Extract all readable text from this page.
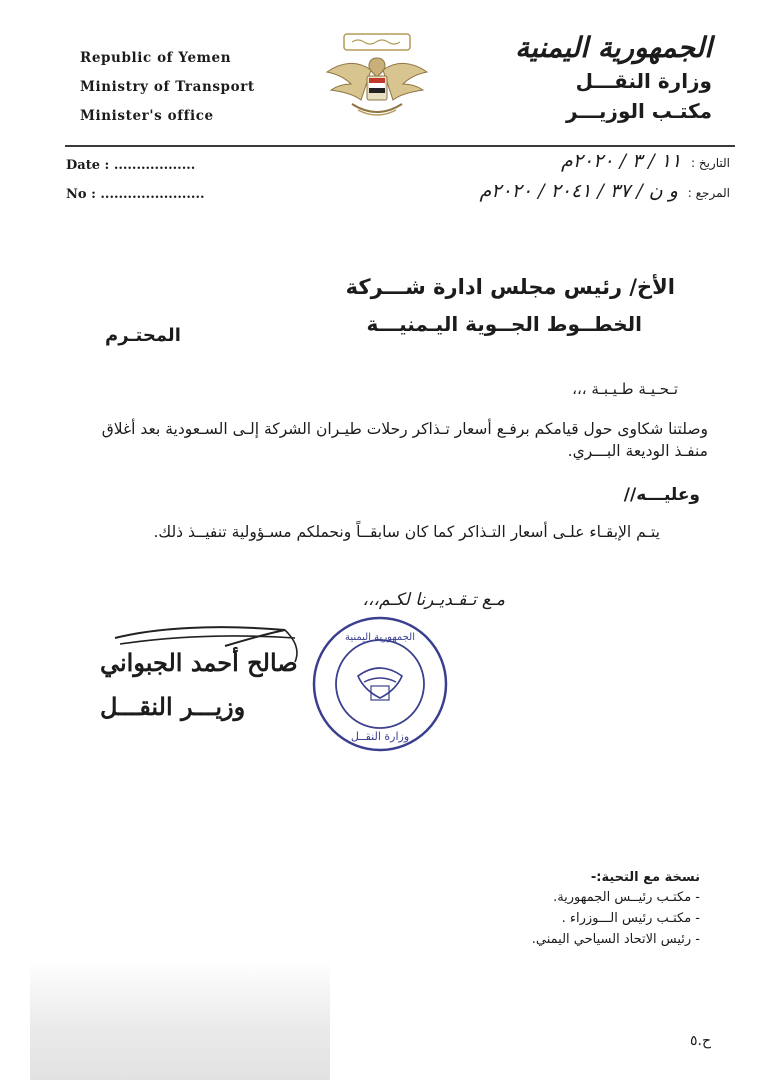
Republic of Yemen
Ministry of Transport
Minister's office
الجمهورية اليمنية
وزارة النقـــل
مكتـب الوزيـــر
Date : ..................
No : .......................
التاريخ : ١١ / ٣ / ٢٠٢٠م
المرجع : و ن / ٣٧ / ٢٠٤١ / ٢٠٢٠م
الأخ/ رئيس مجلس ادارة شـــركة
الخطــوط الجــوية اليـمنيـــة
المحتـرم
تـحـيـة طـيـبـة ،،،
وصلتنا شكاوى حول قيامكم برفـع أسعار تـذاكر رحلات طيـران الشركة إلـى السـعودية بعد أغلاق منفـذ الوديعة البـــري.
وعليـــه//
يتـم الإبقـاء علـى أسعار التـذاكر كما كان سابقــاً ونحملكم مسـؤولية تنفيــذ ذلك.
مـع تـقـديـرنا لكـم،،،
صالح أحمد الجبواني
وزيـــر النقـــل
الجمهورية اليمنية
وزارة النقــل
نسخة مع التحية:-
- مكتـب رئيــس الجمهورية.
- مكتـب رئيس الـــوزراء .
- رئيس الاتحاد السياحي اليمني.
ح.٥
